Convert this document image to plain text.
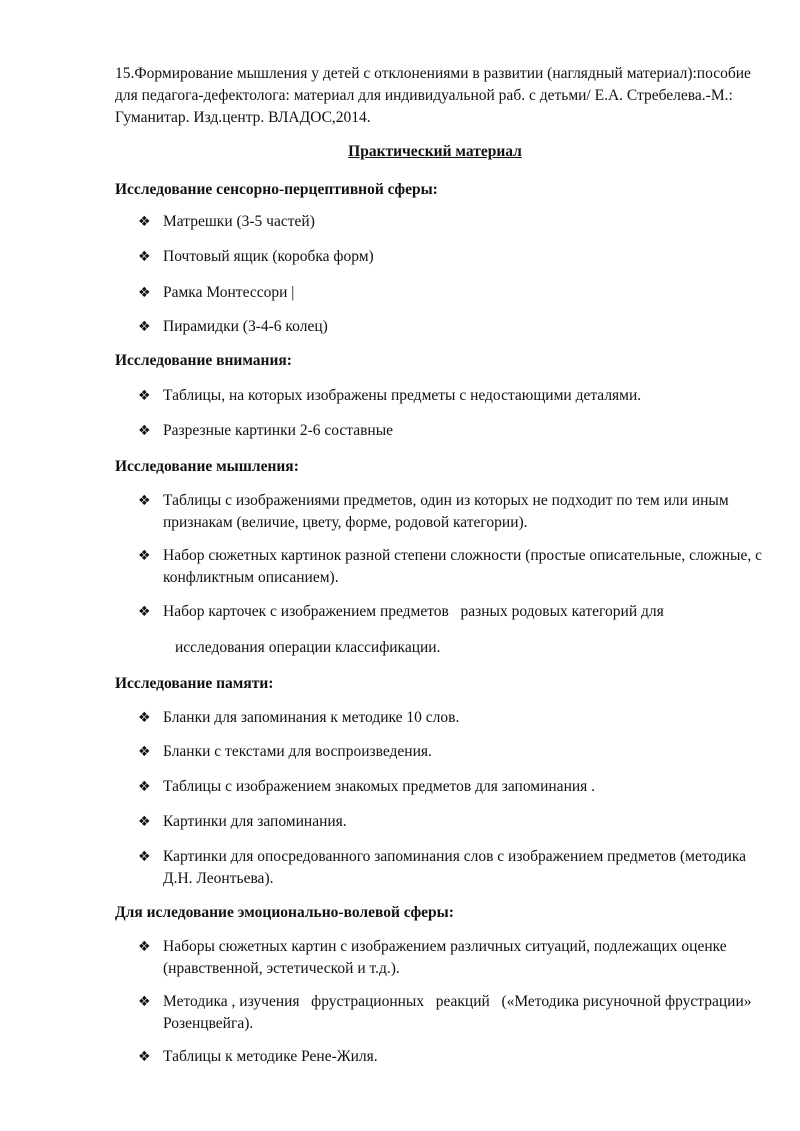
15.Формирование мышления у детей с отклонениями в развитии (наглядный материал):пособие для педагога-дефектолога: материал для индивидуальной раб. с детьми/ Е.А. Стребелева.-М.: Гуманитар. Изд.центр. ВЛАДОС,2014.
Практический материал
Исследование сенсорно-перцептивной сферы:
❖ Матрешки (3-5 частей)
❖ Почтовый ящик (коробка форм)
❖ Рамка Монтессори |
❖ Пирамидки (3-4-6 колец)
Исследование внимания:
❖ Таблицы, на которых изображены предметы с недостающими деталями.
❖ Разрезные картинки 2-6 составные
Исследование мышления:
❖ Таблицы с изображениями предметов, один из которых не подходит по тем или иным признакам (величие, цвету, форме, родовой категории).
❖ Набор сюжетных картинок разной степени сложности (простые описательные, сложные, с конфликтным описанием).
❖ Набор карточек с изображением предметов   разных родовых категорий для
исследования операции классификации.
Исследование памяти:
❖ Бланки для запоминания к методике 10 слов.
❖ Бланки с текстами для воспроизведения.
❖ Таблицы с изображением знакомых предметов для запоминания .
❖ Картинки для запоминания.
❖ Картинки для опосредованного запоминания слов с изображением предметов (методика Д.Н. Леонтьева).
Для иследование эмоционально-волевой сферы:
❖ Наборы сюжетных картин с изображением различных ситуаций, подлежащих оценке (нравственной, эстетической и т.д.).
❖ Методика , изучения   фрустрационных   реакций   («Методика рисуночной фрустрации» Розенцвейга).
❖ Таблицы к методике Рене-Жиля.
